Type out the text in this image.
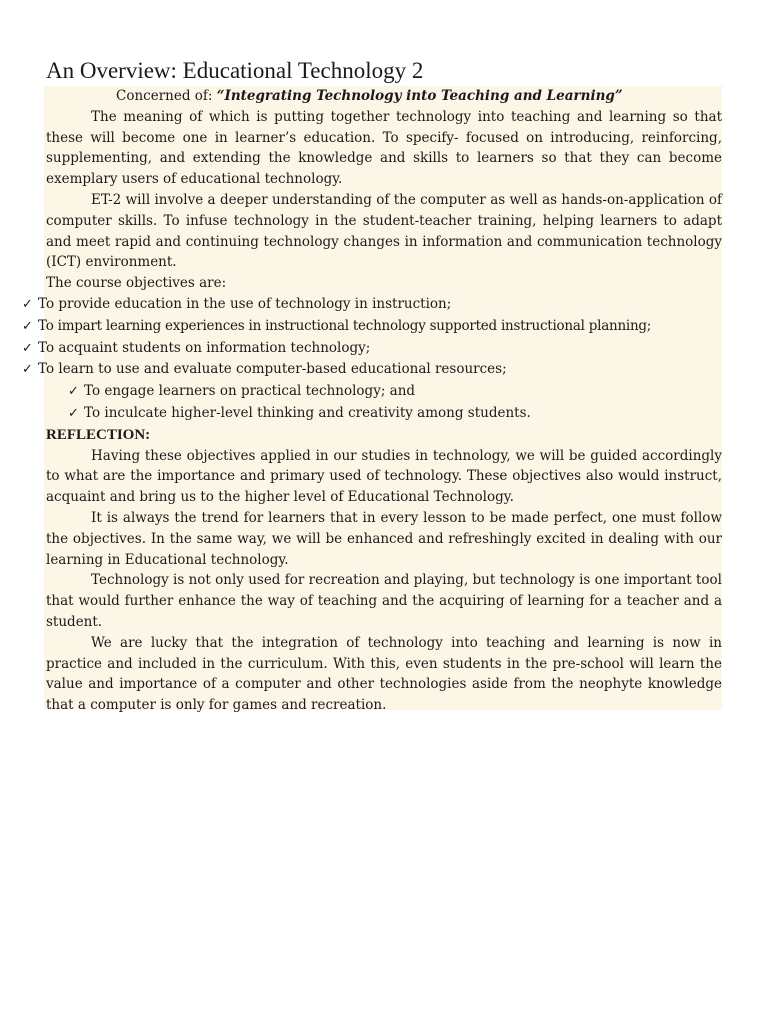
An Overview: Educational Technology 2

Concerned of: “Integrating Technology into Teaching and Learning”

The meaning of which is putting together technology into teaching and learning so that these will become one in learner’s education. To specify- focused on introducing, reinforcing, supplementing, and extending the knowledge and skills to learners so that they can become exemplary users of educational technology.

ET-2 will involve a deeper understanding of the computer as well as hands-on-application of computer skills. To infuse technology in the student-teacher training, helping learners to adapt and meet rapid and continuing technology changes in information and communication technology (ICT) environment.

The course objectives are:

✓ To provide education in the use of technology in instruction;
✓ To impart learning experiences in instructional technology supported instructional planning;
✓ To acquaint students on information technology;
✓ To learn to use and evaluate computer-based educational resources;
✓ To engage learners on practical technology; and
✓ To inculcate higher-level thinking and creativity among students.

REFLECTION:

Having these objectives applied in our studies in technology, we will be guided accordingly to what are the importance and primary used of technology. These objectives also would instruct, acquaint and bring us to the higher level of Educational Technology.

It is always the trend for learners that in every lesson to be made perfect, one must follow the objectives. In the same way, we will be enhanced and refreshingly excited in dealing with our learning in Educational technology.

Technology is not only used for recreation and playing, but technology is one important tool that would further enhance the way of teaching and the acquiring of learning for a teacher and a student.

We are lucky that the integration of technology into teaching and learning is now in practice and included in the curriculum. With this, even students in the pre-school will learn the value and importance of a computer and other technologies aside from the neophyte knowledge that a computer is only for games and recreation.
